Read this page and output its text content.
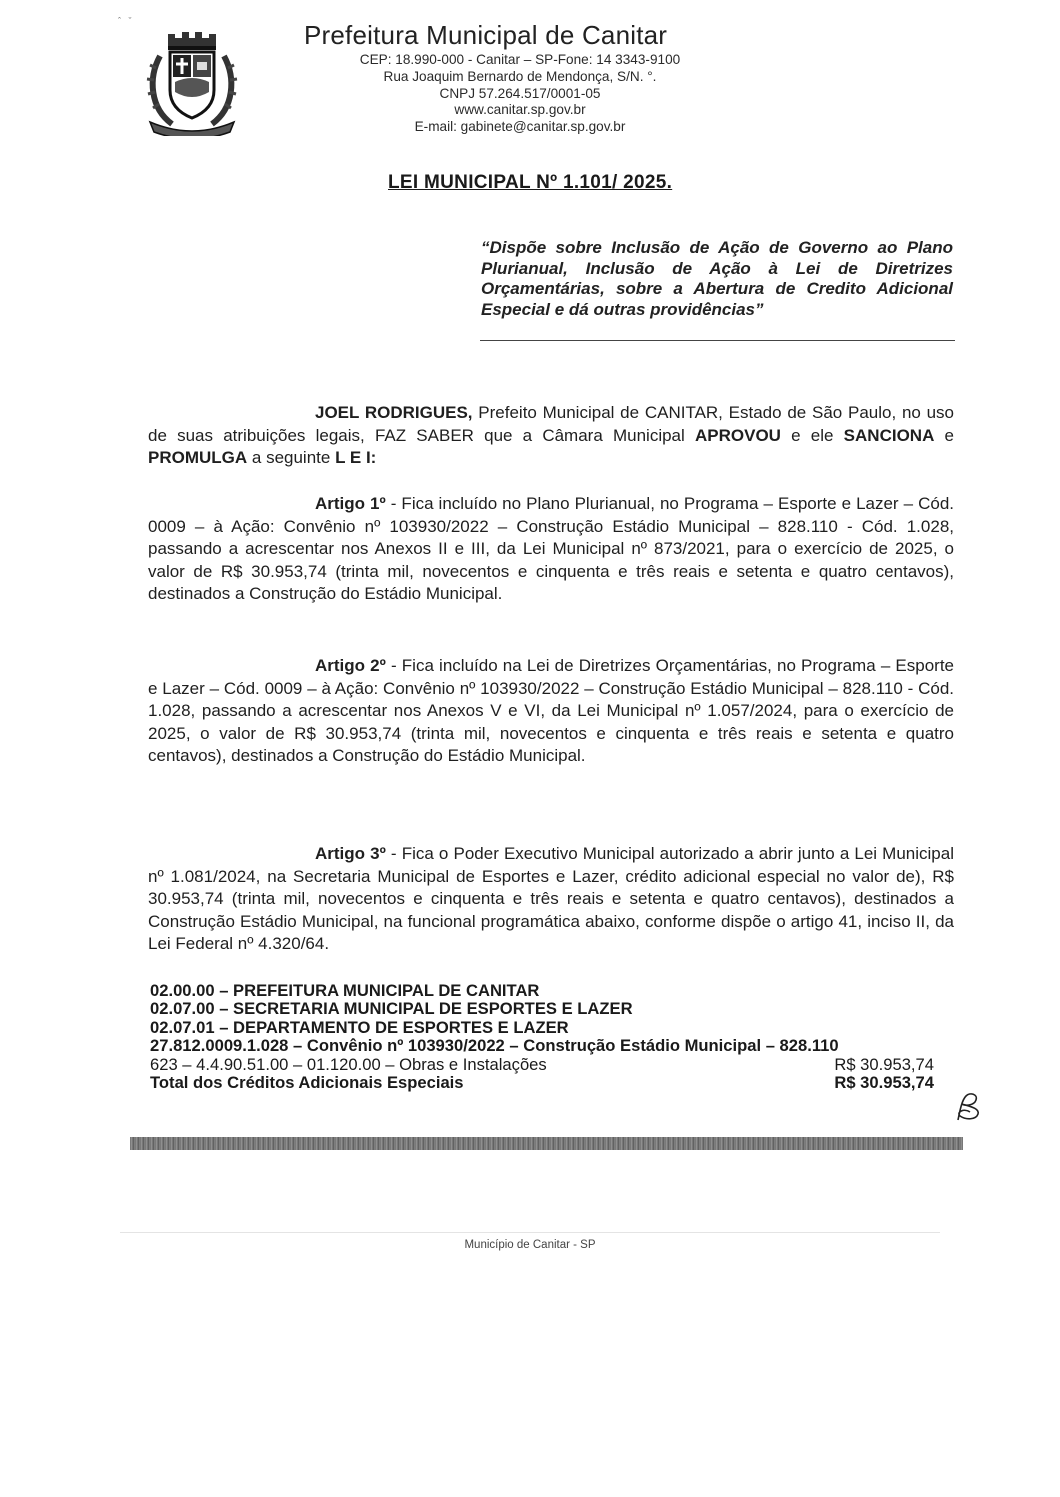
ˆ   ˇ	Prefeitura Municipal de Canitar
CEP: 18.990-000 - Canitar – SP-Fone: 14 3343-9100
Rua Joaquim Bernardo de Mendonça, S/N. °.
CNPJ 57.264.517/0001-05
www.canitar.sp.gov.br
E-mail: gabinete@canitar.sp.gov.br
LEI MUNICIPAL Nº 1.101/ 2025.
“Dispõe sobre Inclusão de Ação de Governo ao Plano Plurianual, Inclusão de Ação à Lei de Diretrizes Orçamentárias, sobre a Abertura de Credito Adicional Especial e dá outras providências”
JOEL RODRIGUES, Prefeito Municipal de CANITAR, Estado de São Paulo, no uso de suas atribuições legais, FAZ SABER que a Câmara Municipal APROVOU e ele SANCIONA e PROMULGA a seguinte L E I:
Artigo 1º - Fica incluído no Plano Plurianual, no Programa – Esporte e Lazer – Cód. 0009 – à Ação: Convênio nº 103930/2022 – Construção Estádio Municipal – 828.110 - Cód. 1.028, passando a acrescentar nos Anexos II e III, da Lei Municipal nº 873/2021, para o exercício de 2025, o valor de R$ 30.953,74 (trinta mil, novecentos e cinquenta e três reais e setenta e quatro centavos), destinados a Construção do Estádio Municipal.
Artigo 2º - Fica incluído na Lei de Diretrizes Orçamentárias, no Programa – Esporte e Lazer – Cód. 0009 – à Ação: Convênio nº 103930/2022 – Construção Estádio Municipal – 828.110 - Cód. 1.028, passando a acrescentar nos Anexos V e VI, da Lei Municipal nº 1.057/2024, para o exercício de 2025, o valor de R$ 30.953,74 (trinta mil, novecentos e cinquenta e três reais e setenta e quatro centavos), destinados a Construção do Estádio Municipal.
Artigo 3º - Fica o Poder Executivo Municipal autorizado a abrir junto a Lei Municipal nº 1.081/2024, na Secretaria Municipal de Esportes e Lazer, crédito adicional especial no valor de), R$ 30.953,74 (trinta mil, novecentos e cinquenta e três reais e setenta e quatro centavos), destinados a Construção Estádio Municipal, na funcional programática abaixo, conforme dispõe o artigo 41, inciso II, da Lei Federal nº 4.320/64.
02.00.00 – PREFEITURA MUNICIPAL DE CANITAR
02.07.00 – SECRETARIA MUNICIPAL DE ESPORTES E LAZER
02.07.01 – DEPARTAMENTO DE ESPORTES E LAZER
27.812.0009.1.028 – Convênio nº 103930/2022 – Construção Estádio Municipal – 828.110
623 – 4.4.90.51.00 – 01.120.00 – Obras e Instalações	R$ 30.953,74
Total dos Créditos Adicionais Especiais	R$ 30.953,74
Município de Canitar - SP
